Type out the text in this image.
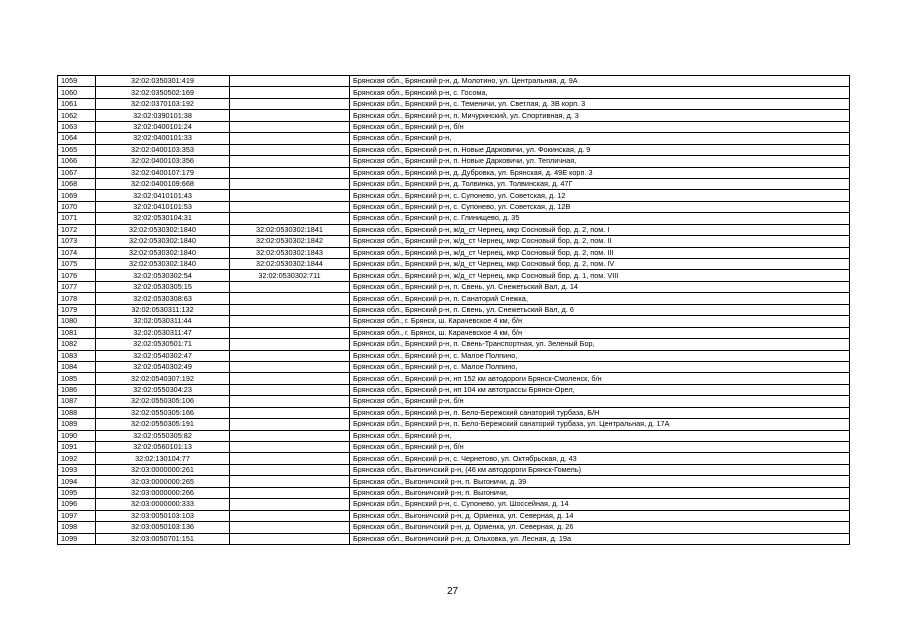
1059	32:02:0350301:419		Брянская обл., Брянский р-н, д. Молотино, ул. Центральная, д. 9А
1060	32:02:0350502:169		Брянская обл., Брянский р-н, с. Госома,
1061	32:02:0370103:192		Брянская обл., Брянский р-н, с. Теменичи, ул. Светлая, д. 3В корп. 3
1062	32:02:0390101:38		Брянская обл., Брянский р-н, п. Мичуринский, ул. Спортивная, д. 3
1063	32:02:0400101:24		Брянская обл., Брянский р-н, б/н
1064	32:02:0400101:33		Брянская обл., Брянский р-н,
1065	32:02:0400103:353		Брянская обл., Брянский р-н, п. Новые Дарковичи, ул. Фокинская, д. 9
1066	32:02:0400103:356		Брянская обл., Брянский р-н, п. Новые Дарковичи, ул. Тепличная,
1067	32:02:0400107:179		Брянская обл., Брянский р-н, д. Дубровка, ул. Брянская, д. 49Е корп. 3
1068	32:02:0400109:668		Брянская обл., Брянский р-н, д. Толвинка, ул. Толвинская, д. 47Г
1069	32:02:0410101:43		Брянская обл., Брянский р-н, с. Супонево, ул. Советская, д. 12
1070	32:02:0410101:53		Брянская обл., Брянский р-н, с. Супонево, ул. Советская, д. 12В
1071	32:02:0530104:31		Брянская обл., Брянский р-н, с. Глинищево, д. 35
1072	32:02:0530302:1840	32:02:0530302:1841	Брянская обл., Брянский р-н, ж/д_ст Чернец, мкр Сосновый бор, д. 2, пом. I
1073	32:02:0530302:1840	32:02:0530302:1842	Брянская обл., Брянский р-н, ж/д_ст Чернец, мкр Сосновый бор, д. 2, пом. II
1074	32:02:0530302:1840	32:02:0530302:1843	Брянская обл., Брянский р-н, ж/д_ст Чернец, мкр Сосновый бор, д. 2, пом. III
1075	32:02:0530302:1840	32:02:0530302:1844	Брянская обл., Брянский р-н, ж/д_ст Чернец, мкр Сосновый бор, д. 2, пом. IV
1076	32:02:0530302:54	32:02:0530302:711	Брянская обл., Брянский р-н, ж/д_ст Чернец, мкр Сосновый бор, д. 1, пом. VIII
1077	32:02:0530305:15		Брянская обл., Брянский р-н, п. Свень, ул. Снежетьский Вал, д. 14
1078	32:02:0530308:63		Брянская обл., Брянский р-н, п. Санаторий Снежка,
1079	32:02:0530311:132		Брянская обл., Брянский р-н, п. Свень, ул. Снежетьский Вал, д. 6
1080	32:02:0530311:44		Брянская обл., г. Брянск, ш. Карачевское 4 км, б/н
1081	32:02:0530311:47		Брянская обл., г. Брянск, ш. Карачевское 4 км, б/н
1082	32:02:0530501:71		Брянская обл., Брянский р-н, п. Свень-Транспортная, ул. Зеленый Бор,
1083	32:02:0540302:47		Брянская обл., Брянский р-н, с. Малое Полпино,
1084	32:02:0540302:49		Брянская обл., Брянский р-н, с. Малое Полпино,
1085	32:02:0540307:192		Брянская обл., Брянский р-н, нп 152 км автодороги Брянск-Смоленск, б/н
1086	32:02:0550304:23		Брянская обл., Брянский р-н, нп 104 км автотрассы Брянск-Орел,
1087	32:02:0550305:106		Брянская обл., Брянский р-н, б/н
1088	32:02:0550305:166		Брянская обл., Брянский р-н, п. Бело-Бережский санаторий турбаза, Б/Н
1089	32:02:0550305:191		Брянская обл., Брянский р-н, п. Бело-Бережский санаторий турбаза, ул. Центральная, д. 17А
1090	32:02:0550305:82		Брянская обл., Брянский р-н,
1091	32:02:0560101:13		Брянская обл., Брянский р-н, б/н
1092	32:02:130104:77		Брянская обл., Брянский р-н, с. Чернетово, ул. Октябрьская, д. 43
1093	32:03:0000000:261		Брянская обл., Выгоничский р-н, (46 км автодороги Брянск-Гомель)
1094	32:03:0000000:265		Брянская обл., Выгоничский р-н, п. Выгоничи, д. 39
1095	32:03:0000000:266		Брянская обл., Выгоничский р-н, п. Выгоничи,
1096	32:03:0000000:333		Брянская обл., Брянский р-н, с. Супонево, ул. Шоссейная, д. 14
1097	32:03:0050103:103		Брянская обл., Выгоничский р-н, д. Орменка, ул. Северная, д. 14
1098	32:03:0050103:136		Брянская обл., Выгоничский р-н, д. Орменка, ул. Северная, д. 26
1099	32:03:0050701:151		Брянская обл., Выгоничский р-н, д. Ольховка, ул. Лесная, д. 19а
27
